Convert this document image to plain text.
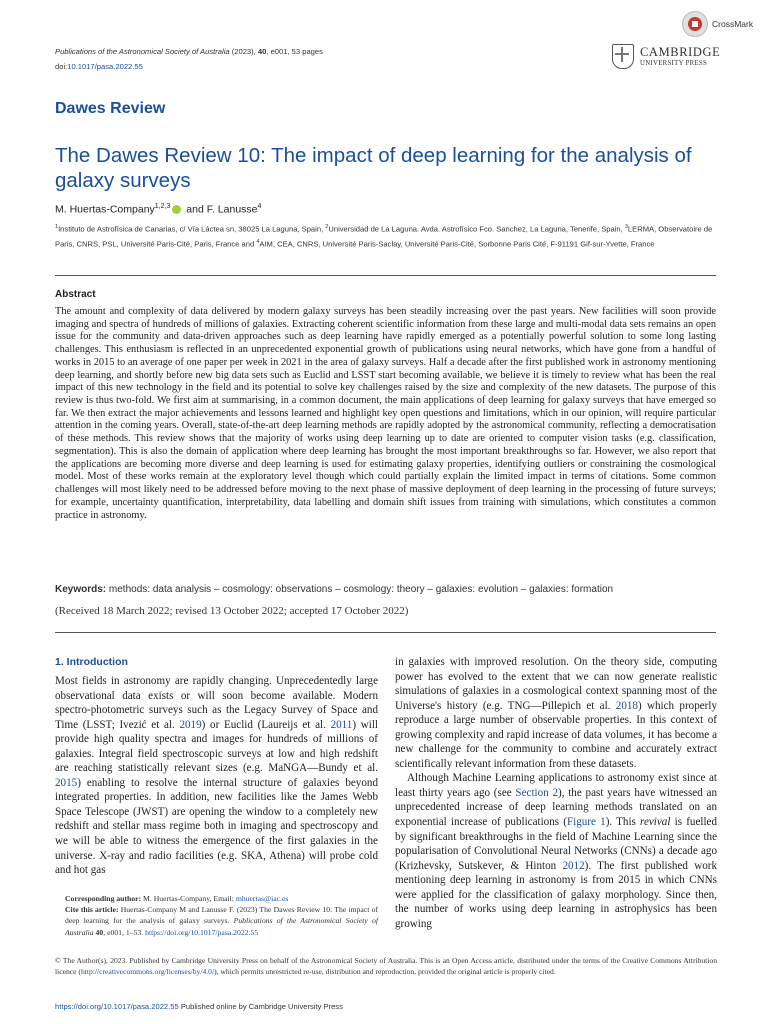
Publications of the Astronomical Society of Australia (2023), 40, e001, 53 pages
doi:10.1017/pasa.2022.55
CrossMark
CAMBRIDGE
UNIVERSITY PRESS
Dawes Review
The Dawes Review 10: The impact of deep learning for the analysis of galaxy surveys
M. Huertas-Company$^{1,2,3}$ and F. Lanusse$^4$
$^1$Instituto de Astrofísica de Canarias, c/ Vía Láctea sn, 38025 La Laguna, Spain, $^2$Universidad de La Laguna. Avda. Astrofísico Fco. Sanchez, La Laguna, Tenerife, Spain, $^3$LERMA, Observatoire de Paris, CNRS, PSL, Université Paris-Cité, Paris, France and $^4$AIM, CEA, CNRS, Université Paris-Saclay, Université Paris-Cité, Sorbonne Paris Cité, F-91191 Gif-sur-Yvette, France
Abstract
The amount and complexity of data delivered by modern galaxy surveys has been steadily increasing over the past years. New facilities will soon provide imaging and spectra of hundreds of millions of galaxies. Extracting coherent scientific information from these large and multi-modal data sets remains an open issue for the community and data-driven approaches such as deep learning have rapidly emerged as a potentially powerful solution to some long lasting challenges. This enthusiasm is reflected in an unprecedented exponential growth of publications using neural networks, which have gone from a handful of works in 2015 to an average of one paper per week in 2021 in the area of galaxy surveys. Half a decade after the first published work in astronomy mentioning deep learning, and shortly before new big data sets such as Euclid and LSST start becoming available, we believe it is timely to review what has been the real impact of this new technology in the field and its potential to solve key challenges raised by the size and complexity of the new datasets. The purpose of this review is thus two-fold. We first aim at summarising, in a common document, the main applications of deep learning for galaxy surveys that have emerged so far. We then extract the major achievements and lessons learned and highlight key open questions and limitations, which in our opinion, will require particular attention in the coming years. Overall, state-of-the-art deep learning methods are rapidly adopted by the astronomical community, reflecting a democratisation of these methods. This review shows that the majority of works using deep learning up to date are oriented to computer vision tasks (e.g. classification, segmentation). This is also the domain of application where deep learning has brought the most important breakthroughs so far. However, we also report that the applications are becoming more diverse and deep learning is used for estimating galaxy properties, identifying outliers or constraining the cosmological model. Most of these works remain at the exploratory level though which could partially explain the limited impact in terms of citations. Some common challenges will most likely need to be addressed before moving to the next phase of massive deployment of deep learning in the processing of future surveys; for example, uncertainty quantification, interpretability, data labelling and domain shift issues from training with simulations, which constitutes a common practice in astronomy.
Keywords: methods: data analysis – cosmology: observations – cosmology: theory – galaxies: evolution – galaxies: formation
(Received 18 March 2022; revised 13 October 2022; accepted 17 October 2022)
1. Introduction
Most fields in astronomy are rapidly changing. Unprecedentedly large observational data exists or will soon become available. Modern spectro-photometric surveys such as the Legacy Survey of Space and Time (LSST; Ivezić et al. 2019) or Euclid (Laureijs et al. 2011) will provide high quality spectra and images for hundreds of millions of galaxies. Integral field spectroscopic surveys at low and high redshift are reaching statistically relevant sizes (e.g. MaNGA—Bundy et al. 2015) enabling to resolve the internal structure of galaxies beyond integrated properties. In addition, new facilities like the James Webb Space Telescope (JWST) are opening the window to a completely new redshift and stellar mass regime both in imaging and spectroscopy and we will be able to witness the emergence of the first galaxies in the universe. X-ray and radio facilities (e.g. SKA, Athena) will probe cold and hot gas

in galaxies with improved resolution. On the theory side, computing power has evolved to the extent that we can now generate realistic simulations of galaxies in a cosmological context spanning most of the Universe's history (e.g. TNG—Pillepich et al. 2018) which properly reproduce a large number of observable properties. In this context of growing complexity and rapid increase of data volumes, it has become a new challenge for the community to combine and accurately extract scientifically relevant information from these datasets.

Although Machine Learning applications to astronomy exist since at least thirty years ago (see Section 2), the past years have witnessed an unprecedented increase of deep learning methods translated on an exponential increase of publications (Figure 1). This revival is fuelled by significant breakthroughs in the field of Machine Learning since the popularisation of Convolutional Neural Networks (CNNs) a decade ago (Krizhevsky, Sutskever, & Hinton 2012). The first published work mentioning deep learning in astronomy is from 2015 in which CNNs were applied for the classification of galaxy morphology. Since then, the number of works using deep learning in astrophysics has been growing

Corresponding author: M. Huertas-Company, Email: mhuertas@iac.es
Cite this article: Huertas-Company M and Lanusse F. (2023) The Dawes Review 10: The impact of deep learning for the analysis of galaxy surveys. Publications of the Astronomical Society of Australia 40, e001, 1–53. https://doi.org/10.1017/pasa.2022.55
© The Author(s), 2023. Published by Cambridge University Press on behalf of the Astronomical Society of Australia. This is an Open Access article, distributed under the terms of the Creative Commons Attribution licence (http://creativecommons.org/licenses/by/4.0/), which permits unrestricted re-use, distribution and reproduction, provided the original article is properly cited.
https://doi.org/10.1017/pasa.2022.55 Published online by Cambridge University Press
